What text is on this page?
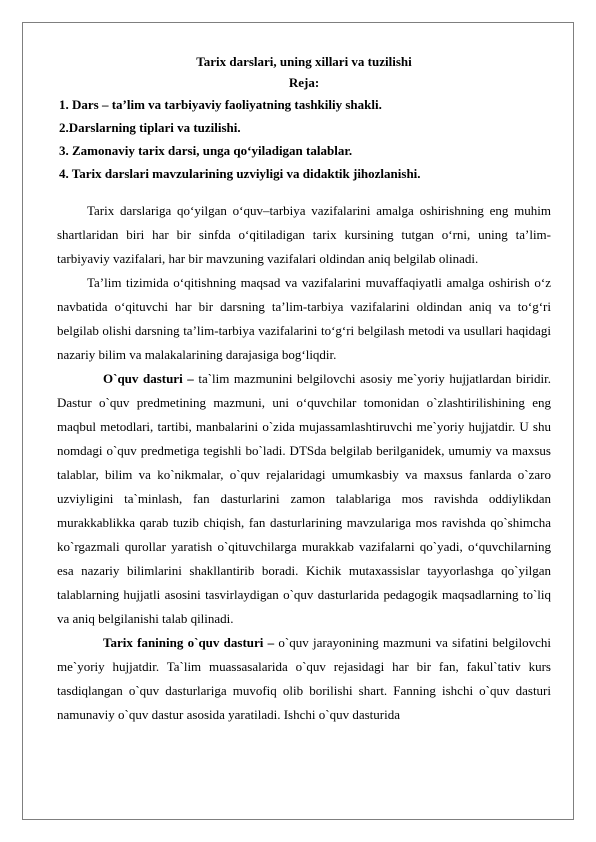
Tarix darslari, uning xillari va tuzilishi

Reja:

1. Dars – ta’lim va tarbiyaviy faoliyatning tashkiliy shakli.

2.Darslarning tiplari va tuzilishi.

3. Zamonaviy tarix darsi, unga qo‘yiladigan talablar.

4. Tarix darslari mavzularining uzviyligi va didaktik jihozlanishi.

Tarix darslariga qo‘yilgan o‘quv–tarbiya vazifalarini amalga oshirishning eng muhim shartlaridan biri har bir sinfda o‘qitiladigan tarix kursining tutgan o‘rni, uning ta’lim-tarbiyaviy vazifalari, har bir mavzuning vazifalari oldindan aniq belgilab olinadi.

Ta’lim tizimida o‘qitishning maqsad va vazifalarini muvaffaqiyatli amalga oshirish o‘z navbatida o‘qituvchi har bir darsning ta’lim-tarbiya vazifalarini oldindan aniq va to‘g‘ri belgilab olishi darsning ta’lim-tarbiya vazifalarini to‘g‘ri belgilash metodi va usullari haqidagi nazariy bilim va malakalarining darajasiga bog‘liqdir.

O`quv dasturi – ta`lim mazmunini belgilovchi asosiy me`yoriy hujjatlardan biridir. Dastur o`quv predmetining mazmuni, uni o‘quvchilar tomonidan o`zlashtirilishining eng maqbul metodlari, tartibi, manbalarini o`zida mujassamlashtiruvchi me`yoriy hujjatdir. U shu nomdagi o`quv predmetiga tegishli bo`ladi. DTSda belgilab berilganidek, umumiy va maxsus talablar, bilim va ko`nikmalar, o`quv rejalaridagi umumkasbiy va maxsus fanlarda o`zaro uzviyligini ta`minlash, fan dasturlarini zamon talablariga mos ravishda oddiylikdan murakkablikka qarab tuzib chiqish, fan dasturlarining mavzulariga mos ravishda qo`shimcha ko`rgazmali qurollar yaratish o`qituvchilarga murakkab vazifalarni qo`yadi, o‘quvchilarning esa nazariy bilimlarini shakllantirib boradi. Kichik mutaxassislar tayyorlashga qo`yilgan talablarning hujjatli asosini tasvirlaydigan o`quv dasturlarida pedagogik maqsadlarning to`liq va aniq belgilanishi talab qilinadi.

Tarix fanining o`quv dasturi – o`quv jarayonining mazmuni va sifatini belgilovchi me`yoriy hujjatdir. Ta`lim muassasalarida o`quv rejasidagi har bir fan, fakul`tativ kurs tasdiqlangan o`quv dasturlariga muvofiq olib borilishi shart. Fanning ishchi o`quv dasturi namunaviy o`quv dastur asosida yaratiladi. Ishchi o`quv dasturida
